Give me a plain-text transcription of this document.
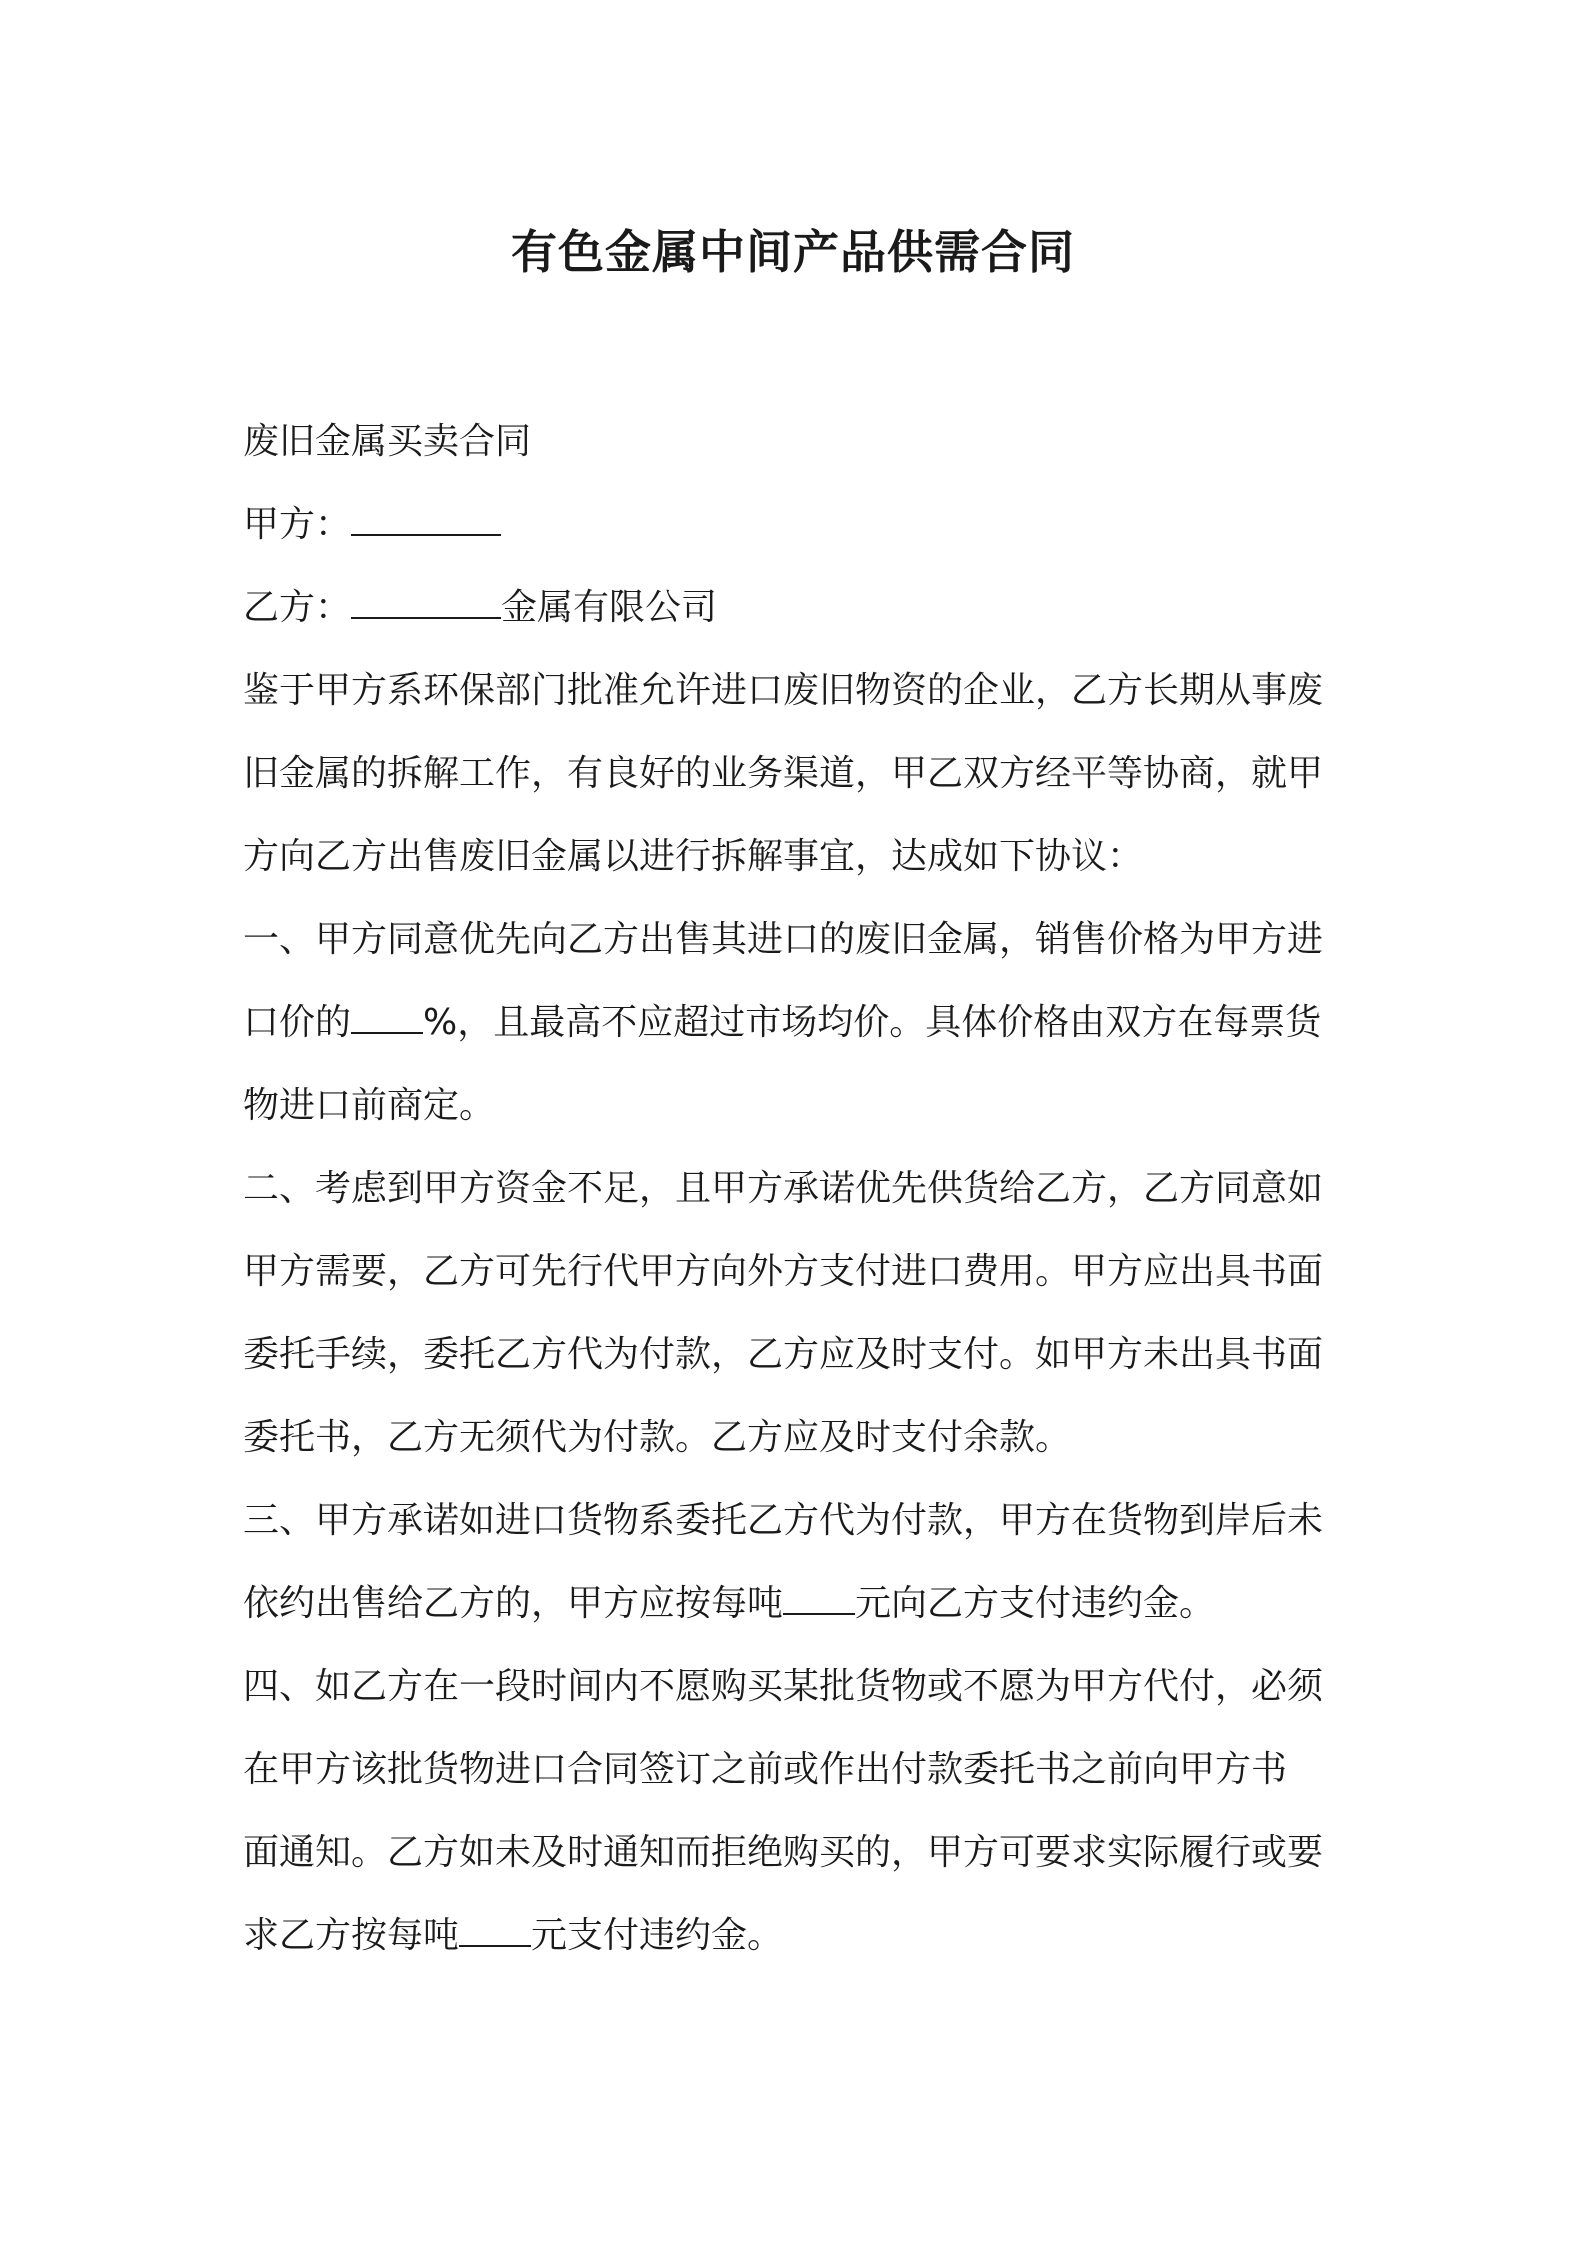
有色金属中间产品供需合同
废旧金属买卖合同
甲方：
乙方：	金属有限公司
鉴于甲方系环保部门批准允许进口废旧物资的企业，乙方长期从事废
旧金属的拆解工作，有良好的业务渠道，甲乙双方经平等协商，就甲
方向乙方出售废旧金属以进行拆解事宜，达成如下协议：
一、甲方同意优先向乙方出售其进口的废旧金属，销售价格为甲方进
口价的 %，且最高不应超过市场均价。具体价格由双方在每票货
物进口前商定。
二、考虑到甲方资金不足，且甲方承诺优先供货给乙方，乙方同意如
甲方需要，乙方可先行代甲方向外方支付进口费用。甲方应出具书面
委托手续，委托乙方代为付款，乙方应及时支付。如甲方未出具书面
委托书，乙方无须代为付款。乙方应及时支付余款。
三、甲方承诺如进口货物系委托乙方代为付款，甲方在货物到岸后未
依约出售给乙方的，甲方应按每吨 元向乙方支付违约金。
四、如乙方在一段时间内不愿购买某批货物或不愿为甲方代付，必须
在甲方该批货物进口合同签订之前或作出付款委托书之前向甲方书
面通知。乙方如未及时通知而拒绝购买的，甲方可要求实际履行或要
求乙方按每吨 元支付违约金。
